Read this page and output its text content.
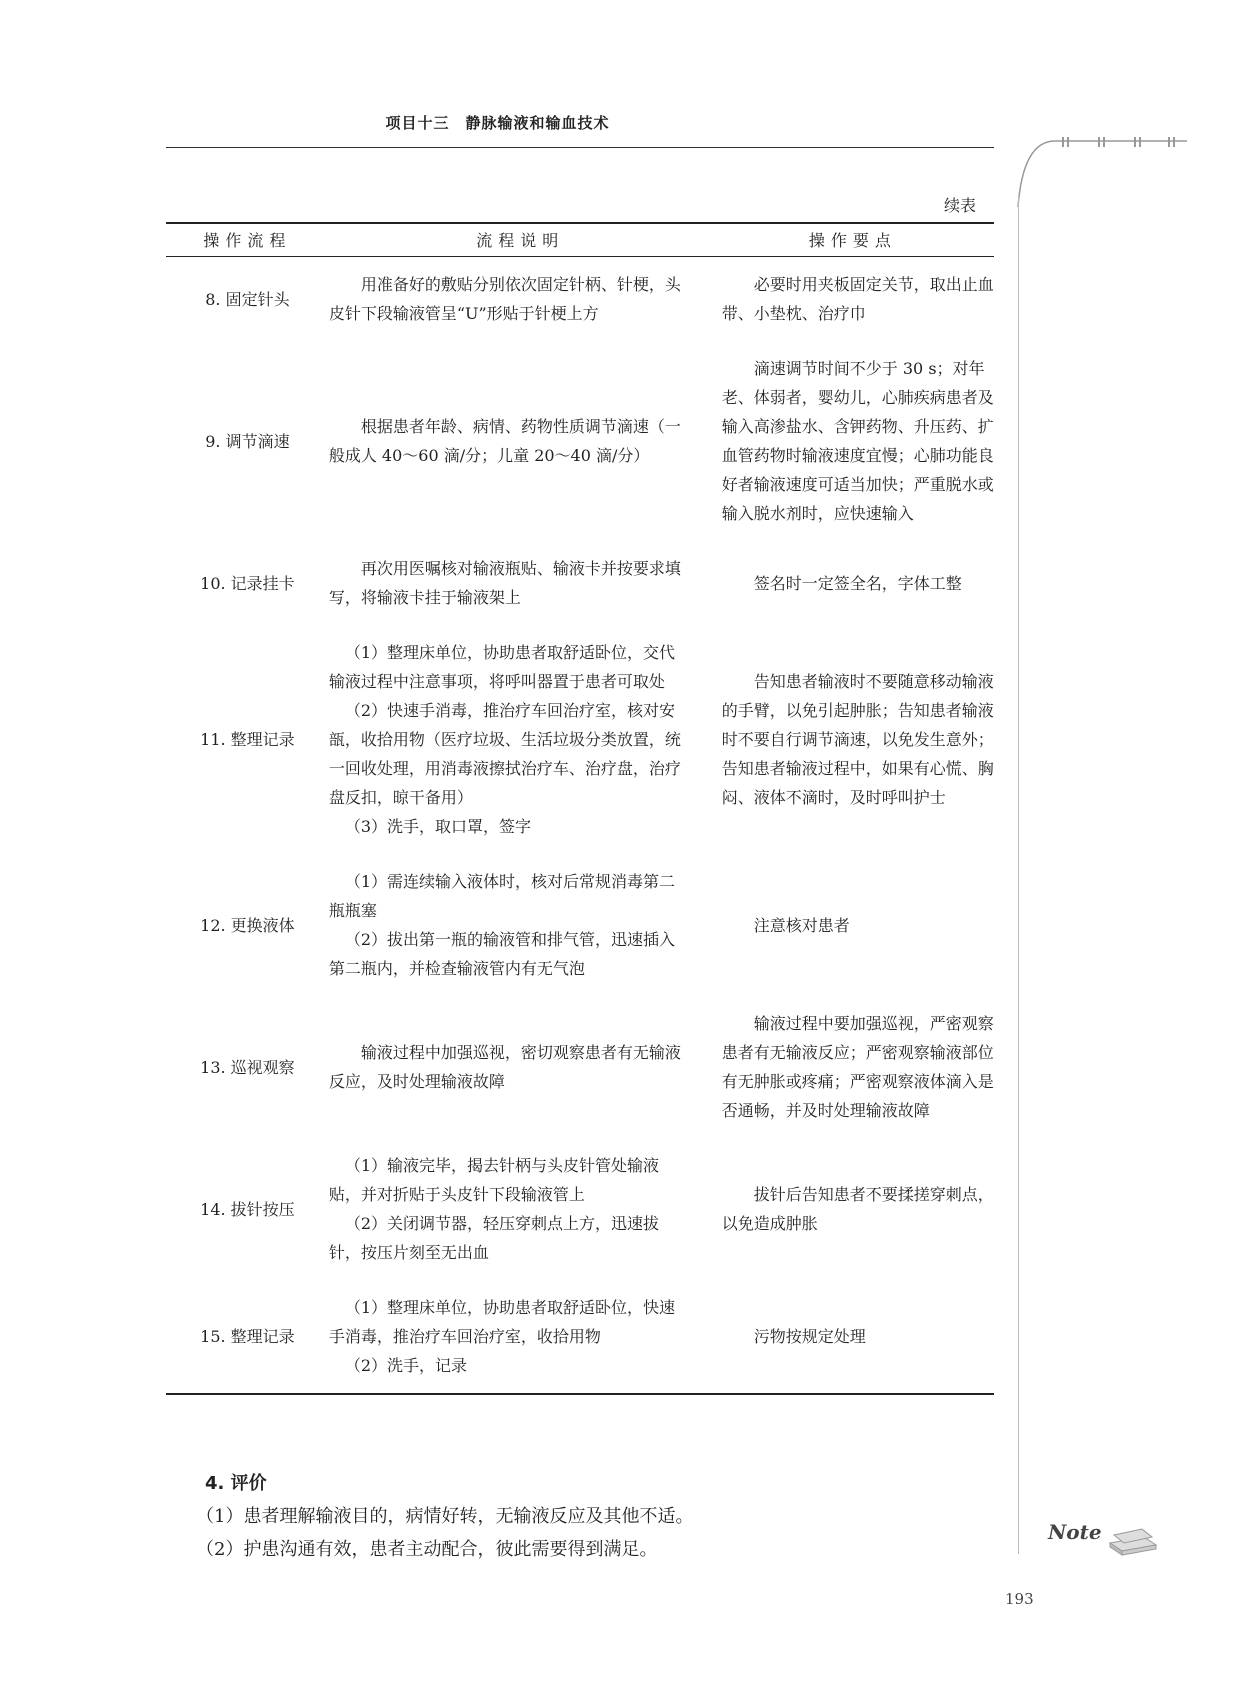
项目十三　静脉输液和输血技术
续表
操作流程	流程说明	操作要点
8. 固定针头	用准备好的敷贴分别依次固定针柄、针梗，头皮针下段输液管呈“U”形贴于针梗上方	必要时用夹板固定关节，取出止血带、小垫枕、治疗巾

9. 调节滴速	根据患者年龄、病情、药物性质调节滴速（一般成人 40～60 滴/分；儿童 20～40 滴/分）	滴速调节时间不少于 30 s；对年老、体弱者，婴幼儿，心肺疾病患者及输入高渗盐水、含钾药物、升压药、扩血管药物时输液速度宜慢；心肺功能良好者输液速度可适当加快；严重脱水或输入脱水剂时，应快速输入

10. 记录挂卡	再次用医嘱核对输液瓶贴、输液卡并按要求填写，将输液卡挂于输液架上	签名时一定签全名，字体工整

11. 整理记录	（1）整理床单位，协助患者取舒适卧位，交代输液过程中注意事项，将呼叫器置于患者可取处
（2）快速手消毒，推治疗车回治疗室，核对安瓿，收拾用物（医疗垃圾、生活垃圾分类放置，统一回收处理，用消毒液擦拭治疗车、治疗盘，治疗盘反扣，晾干备用）
（3）洗手，取口罩，签字	告知患者输液时不要随意移动输液的手臂，以免引起肿胀；告知患者输液时不要自行调节滴速，以免发生意外；告知患者输液过程中，如果有心慌、胸闷、液体不滴时，及时呼叫护士

12. 更换液体	（1）需连续输入液体时，核对后常规消毒第二瓶瓶塞
（2）拔出第一瓶的输液管和排气管，迅速插入第二瓶内，并检查输液管内有无气泡	注意核对患者

13. 巡视观察	输液过程中加强巡视，密切观察患者有无输液反应，及时处理输液故障	输液过程中要加强巡视，严密观察患者有无输液反应；严密观察输液部位有无肿胀或疼痛；严密观察液体滴入是否通畅，并及时处理输液故障

14. 拔针按压	（1）输液完毕，揭去针柄与头皮针管处输液贴，并对折贴于头皮针下段输液管上
（2）关闭调节器，轻压穿刺点上方，迅速拔针，按压片刻至无出血	拔针后告知患者不要揉搓穿刺点，以免造成肿胀

15. 整理记录	（1）整理床单位，协助患者取舒适卧位，快速手消毒，推治疗车回治疗室，收拾用物
（2）洗手，记录	污物按规定处理
4. 评价
（1）患者理解输液目的，病情好转，无输液反应及其他不适。
（2）护患沟通有效，患者主动配合，彼此需要得到满足。
Note
193
